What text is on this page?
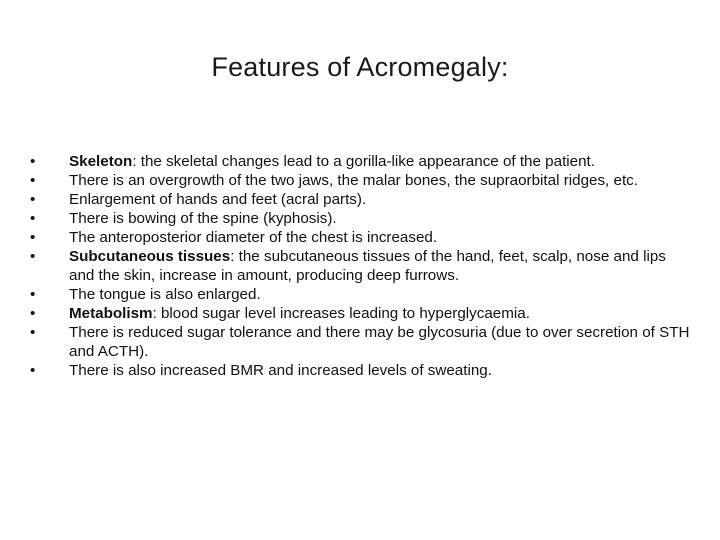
Features of Acromegaly:
•	Skeleton: the skeletal changes lead to a gorilla-like appearance of the patient.
•	There is an overgrowth of the two jaws, the malar bones, the supraorbital ridges, etc.
•	Enlargement of hands and feet (acral parts).
•	There is bowing of the spine (kyphosis).
•	The anteroposterior diameter of the chest is increased.
•	Subcutaneous tissues: the subcutaneous tissues of the hand, feet, scalp, nose and lips and the skin, increase in amount, producing deep furrows.
•	The tongue is also enlarged.
•	Metabolism: blood sugar level increases leading to hyperglycaemia.
•	There is reduced sugar tolerance and there may be glycosuria (due to over secretion of STH and ACTH).
•	There is also increased BMR and increased levels of sweating.
